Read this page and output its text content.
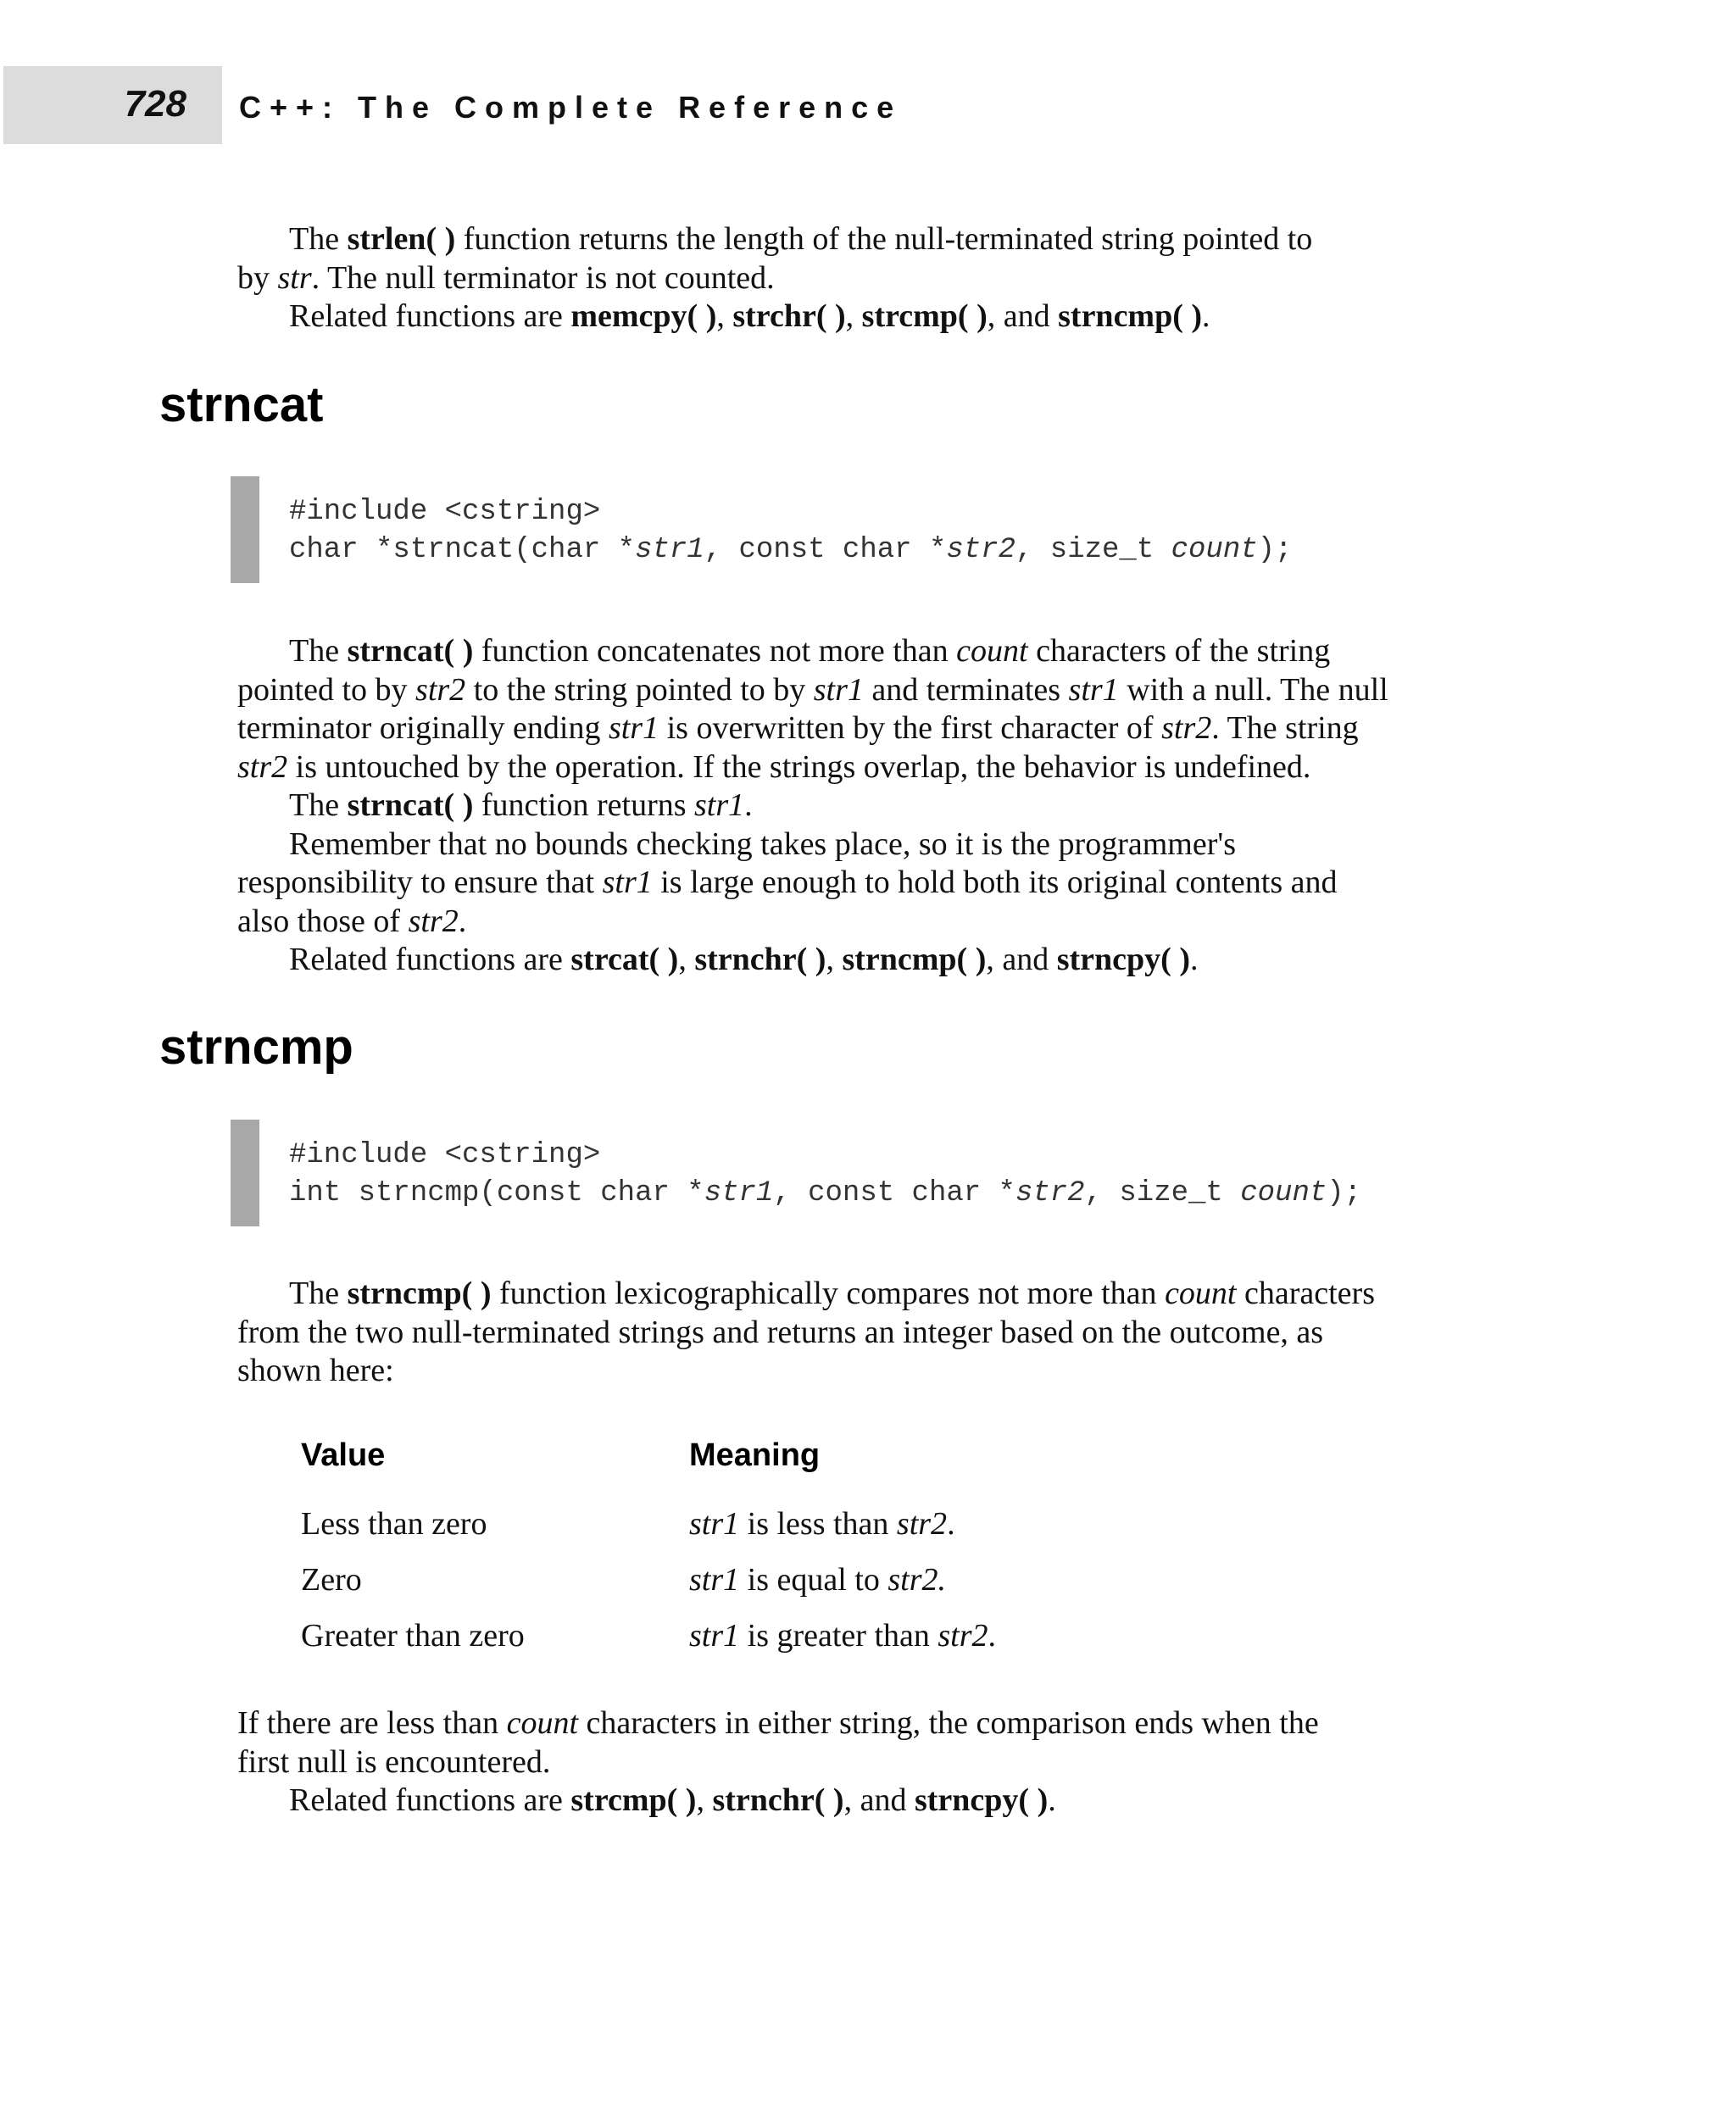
728 C++: The Complete Reference

The strlen( ) function returns the length of the null-terminated string pointed to
by str. The null terminator is not counted.
Related functions are memcpy( ), strchr( ), strcmp( ), and strncmp( ).

strncat
#include <cstring>
char *strncat(char *str1, const char *str2, size_t count);

The strncat( ) function concatenates not more than count characters of the string
pointed to by str2 to the string pointed to by str1 and terminates str1 with a null. The null
terminator originally ending str1 is overwritten by the first character of str2. The string
str2 is untouched by the operation. If the strings overlap, the behavior is undefined.
The strncat( ) function returns str1.
Remember that no bounds checking takes place, so it is the programmer's
responsibility to ensure that str1 is large enough to hold both its original contents and
also those of str2.
Related functions are strcat( ), strnchr( ), strncmp( ), and strncpy( ).

strncmp
#include <cstring>
int strncmp(const char *str1, const char *str2, size_t count);

The strncmp( ) function lexicographically compares not more than count characters
from the two null-terminated strings and returns an integer based on the outcome, as
shown here:

Value	Meaning
Less than zero	str1 is less than str2.
Zero	str1 is equal to str2.
Greater than zero	str1 is greater than str2.

If there are less than count characters in either string, the comparison ends when the
first null is encountered.
Related functions are strcmp( ), strnchr( ), and strncpy( ).
